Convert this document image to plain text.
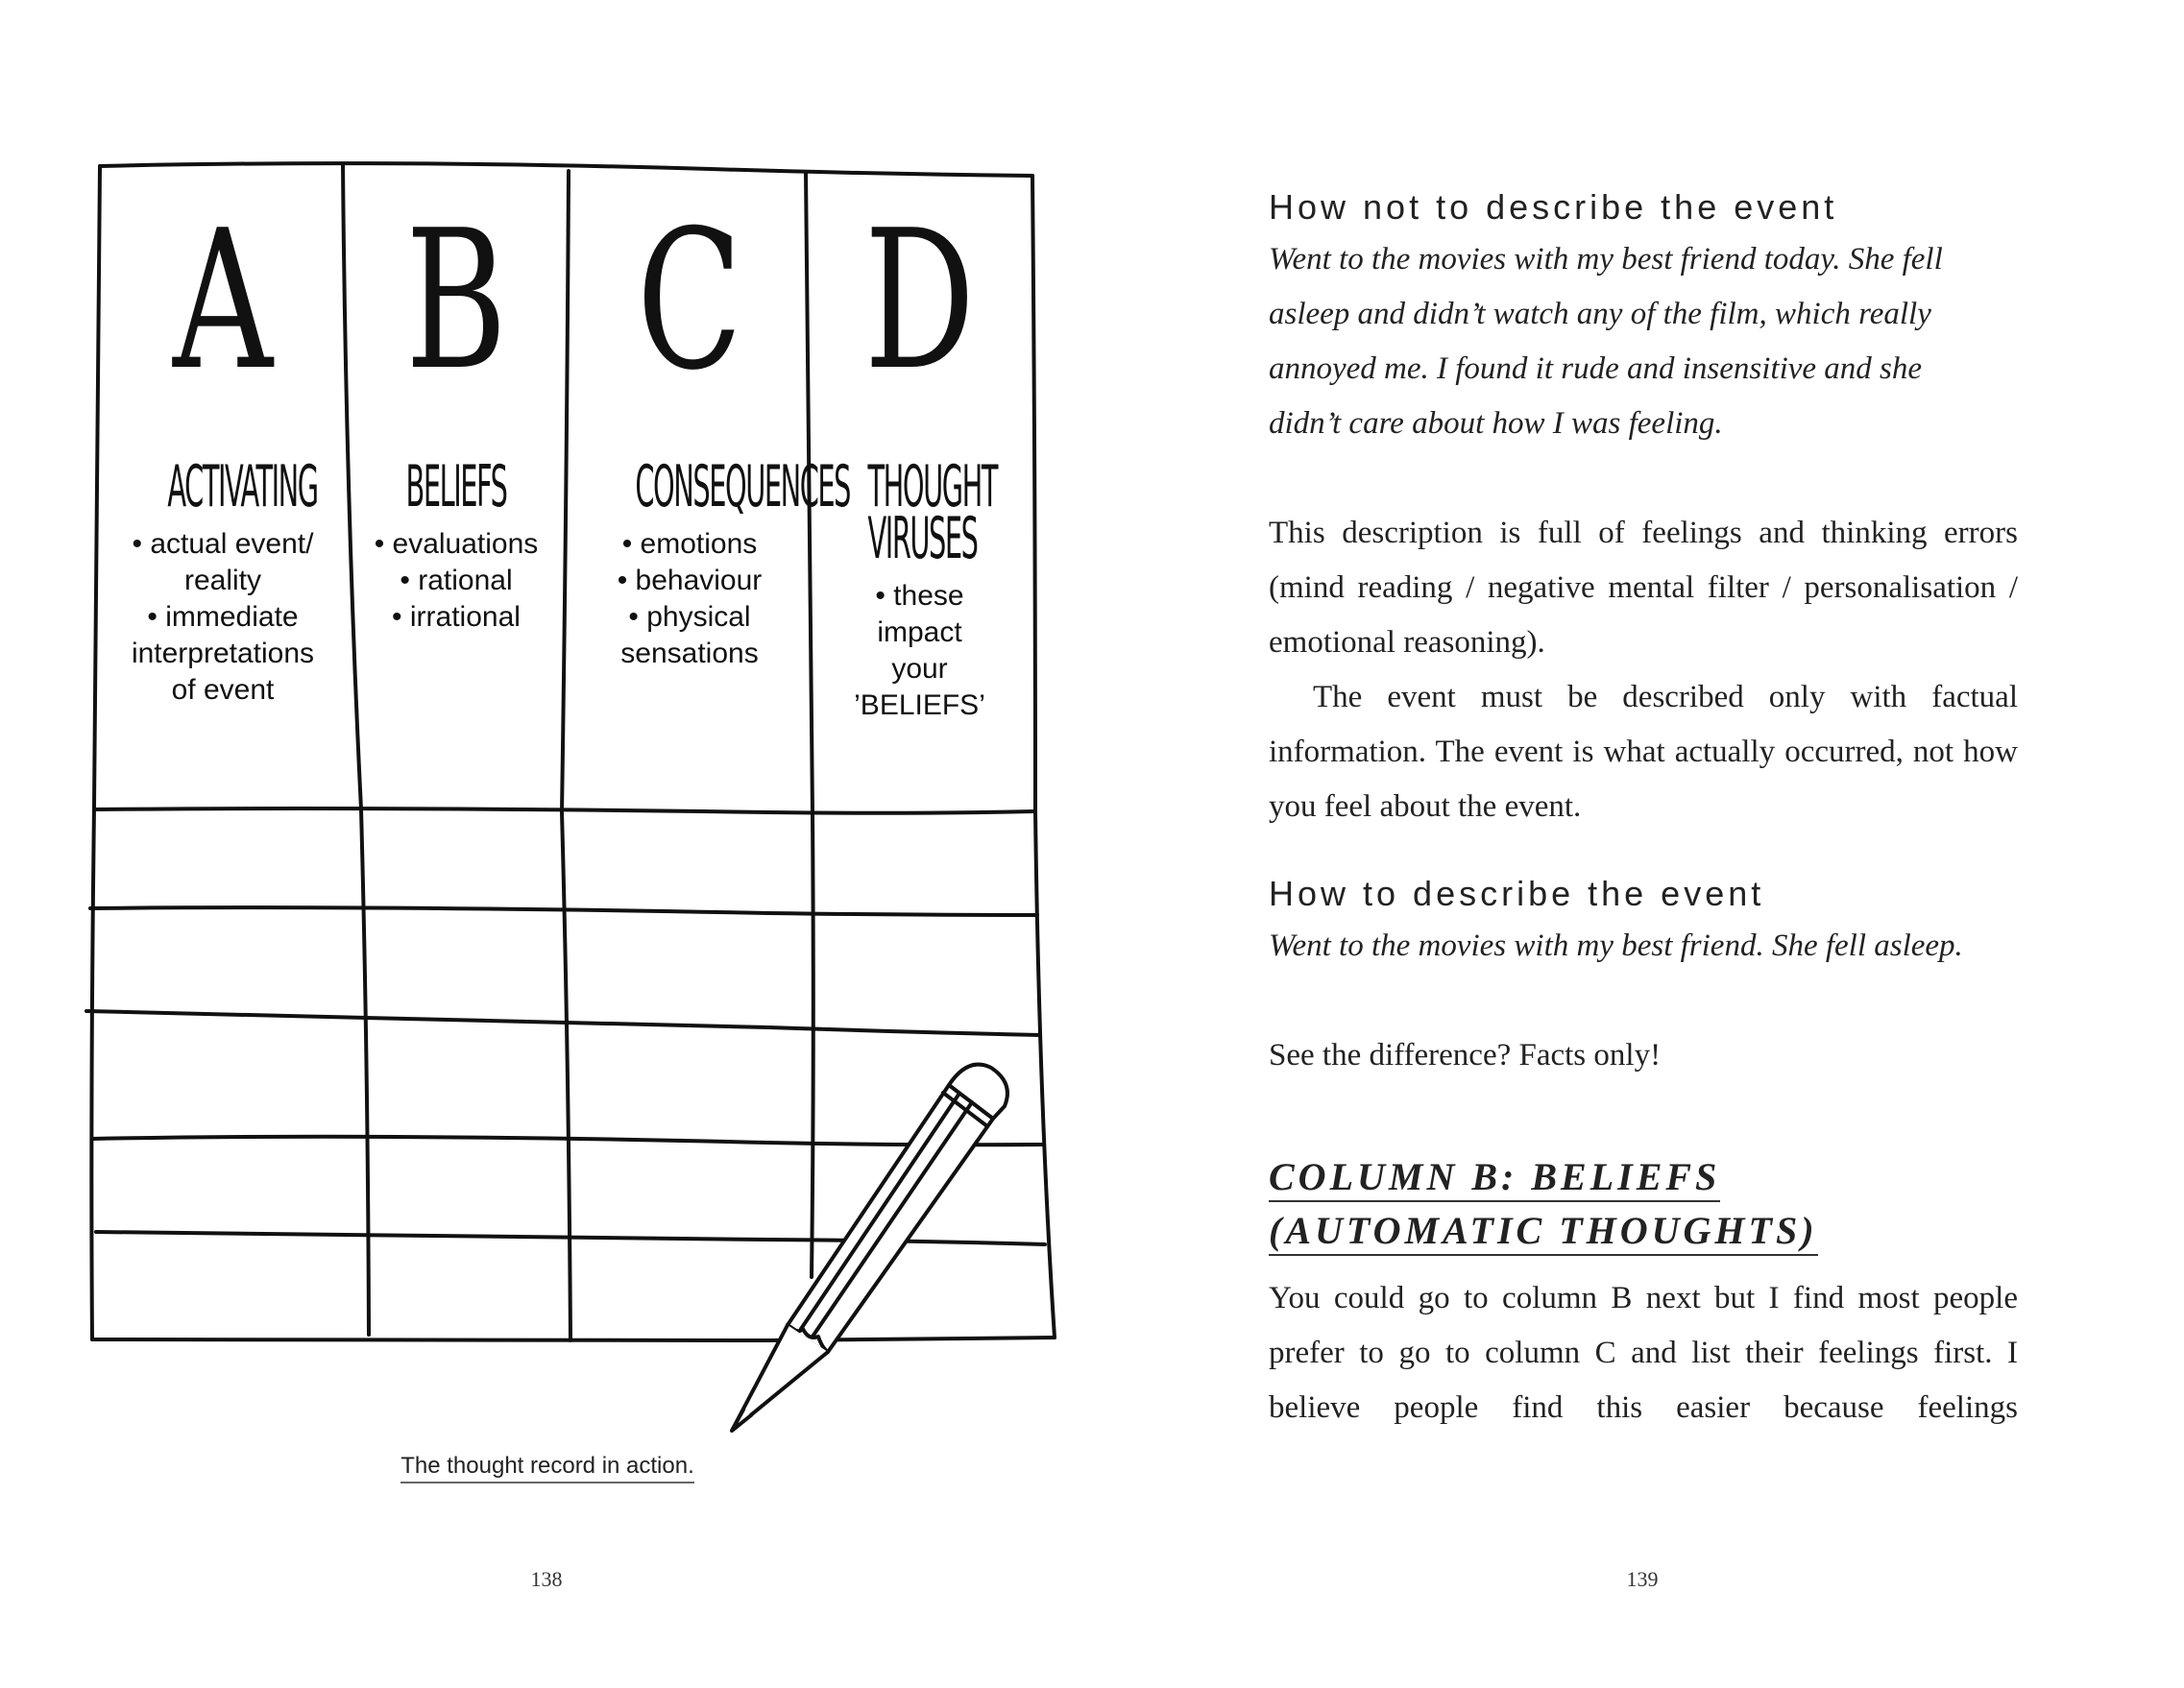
A
ACTIVATING
• actual event/
reality
• immediate
interpretations
of event
B
BELIEFS
• evaluations
• rational
• irrational
C
CONSEQUENCES
• emotions
• behaviour
• physical
sensations
D
THOUGHT
VIRUSES
• these
impact
your
’BELIEFS’
The thought record in action.
138	139
How not to describe the event

Went to the movies with my best friend today. She fell

asleep and didn’t watch any of the film, which really

annoyed me. I found it rude and insensitive and she

didn’t care about how I was feeling.

This description is full of feelings and thinking errors (mind reading / negative mental filter / personalisation / emotional reasoning).

The event must be described only with factual information. The event is what actually occurred, not how you feel about the event.

How to describe the event

Went to the movies with my best friend. She fell asleep.

See the difference? Facts only!

COLUMN B: BELIEFS
(AUTOMATIC THOUGHTS)

You could go to column B next but I find most people prefer to go to column C and list their feelings first. I believe people find this easier because feelings
